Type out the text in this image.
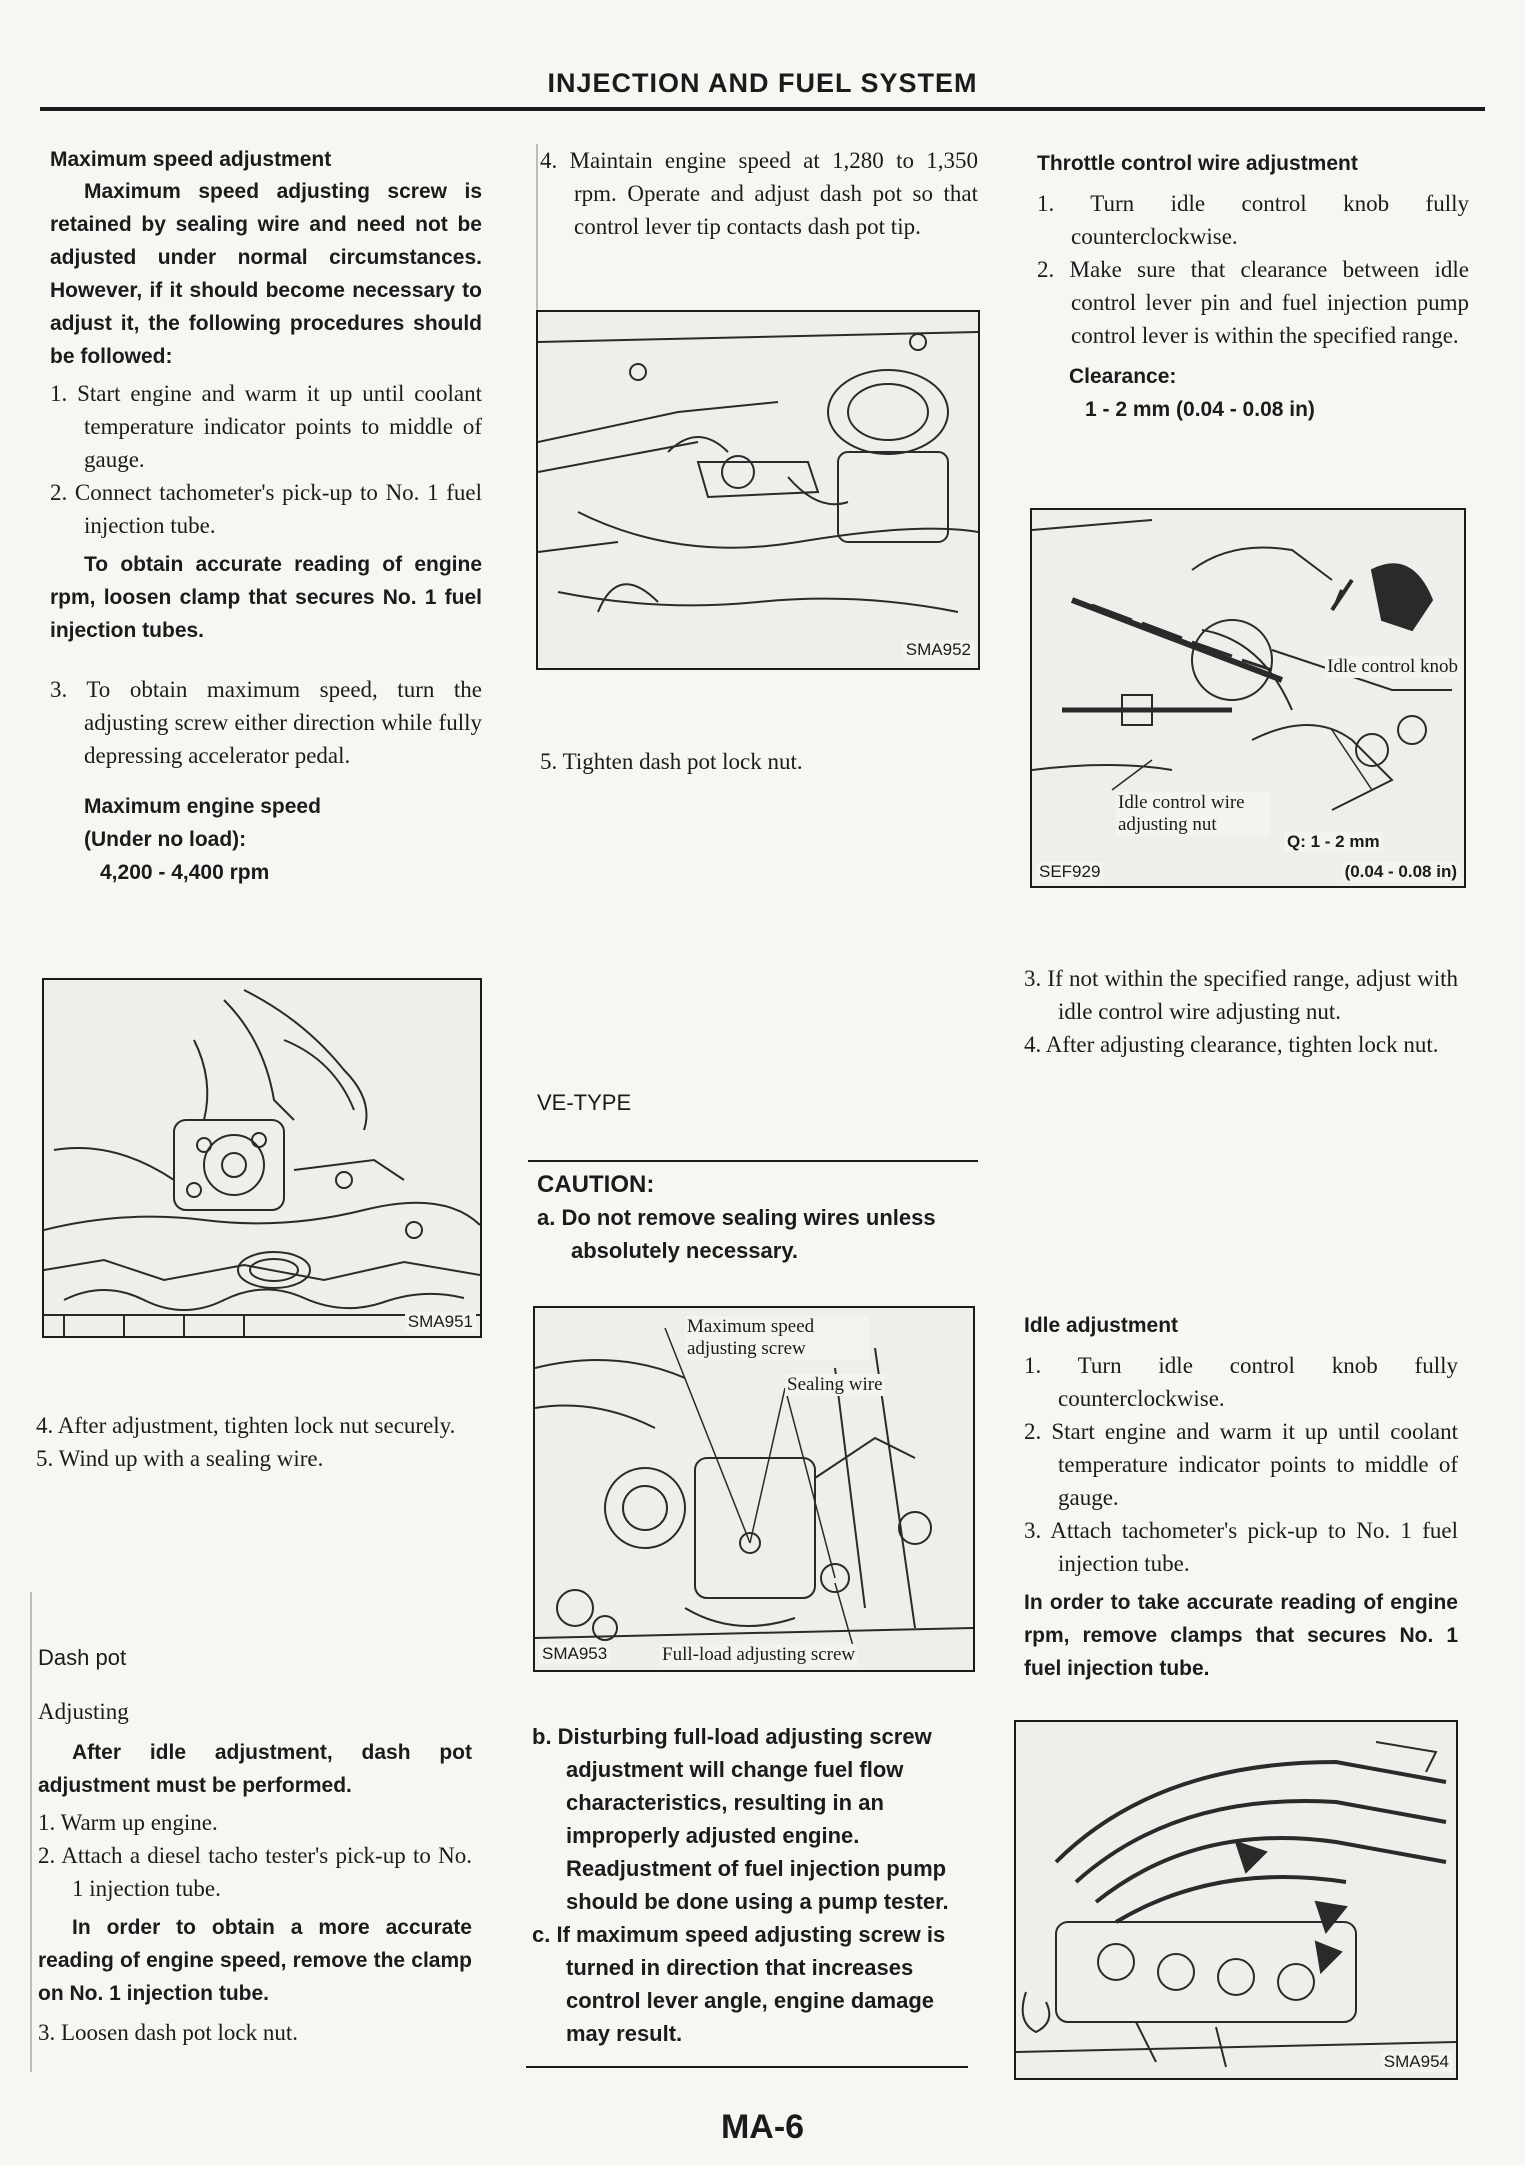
INJECTION AND FUEL SYSTEM

Maximum speed adjustment

Maximum speed adjusting screw is retained by sealing wire and need not be adjusted under normal circumstances. However, if it should become necessary to adjust it, the following procedures should be followed:

1. Start engine and warm it up until coolant temperature indicator points to middle of gauge.

2. Connect tachometer's pick-up to No. 1 fuel injection tube.

To obtain accurate reading of engine rpm, loosen clamp that secures No. 1 fuel injection tubes.

3. To obtain maximum speed, turn the adjusting screw either direction while fully depressing accelerator pedal.

Maximum engine speed

(Under no load):

4,200 - 4,400 rpm

SMA951

4. After adjustment, tighten lock nut securely.

5. Wind up with a sealing wire.

Dash pot

Adjusting

After idle adjustment, dash pot adjustment must be performed.

1. Warm up engine.

2. Attach a diesel tacho tester's pick-up to No. 1 injection tube.

In order to obtain a more accurate reading of engine speed, remove the clamp on No. 1 injection tube.

3. Loosen dash pot lock nut.

4. Maintain engine speed at 1,280 to 1,350 rpm. Operate and adjust dash pot so that control lever tip contacts dash pot tip.

SMA952

5. Tighten dash pot lock nut.

VE-TYPE

CAUTION:

a. Do not remove sealing wires unless absolutely necessary.

Maximum speed adjusting screw
Sealing wire
SMA953	Full-load adjusting screw

b. Disturbing full-load adjusting screw adjustment will change fuel flow characteristics, resulting in an improperly adjusted engine. Readjustment of fuel injection pump should be done using a pump tester.

c. If maximum speed adjusting screw is turned in direction that increases control lever angle, engine damage may result.

Throttle control wire adjustment

1. Turn idle control knob fully counterclockwise.

2. Make sure that clearance between idle control lever pin and fuel injection pump control lever is within the specified range.

Clearance:

1 - 2 mm (0.04 - 0.08 in)

Idle control knob
Idle control wire adjusting nut
Q: 1 - 2 mm
SEF929	(0.04 - 0.08 in)

3. If not within the specified range, adjust with idle control wire adjusting nut.

4. After adjusting clearance, tighten lock nut.

Idle adjustment

1. Turn idle control knob fully counterclockwise.

2. Start engine and warm it up until coolant temperature indicator points to middle of gauge.

3. Attach tachometer's pick-up to No. 1 fuel injection tube.

In order to take accurate reading of engine rpm, remove clamps that secures No. 1 fuel injection tube.

SMA954
MA-6
